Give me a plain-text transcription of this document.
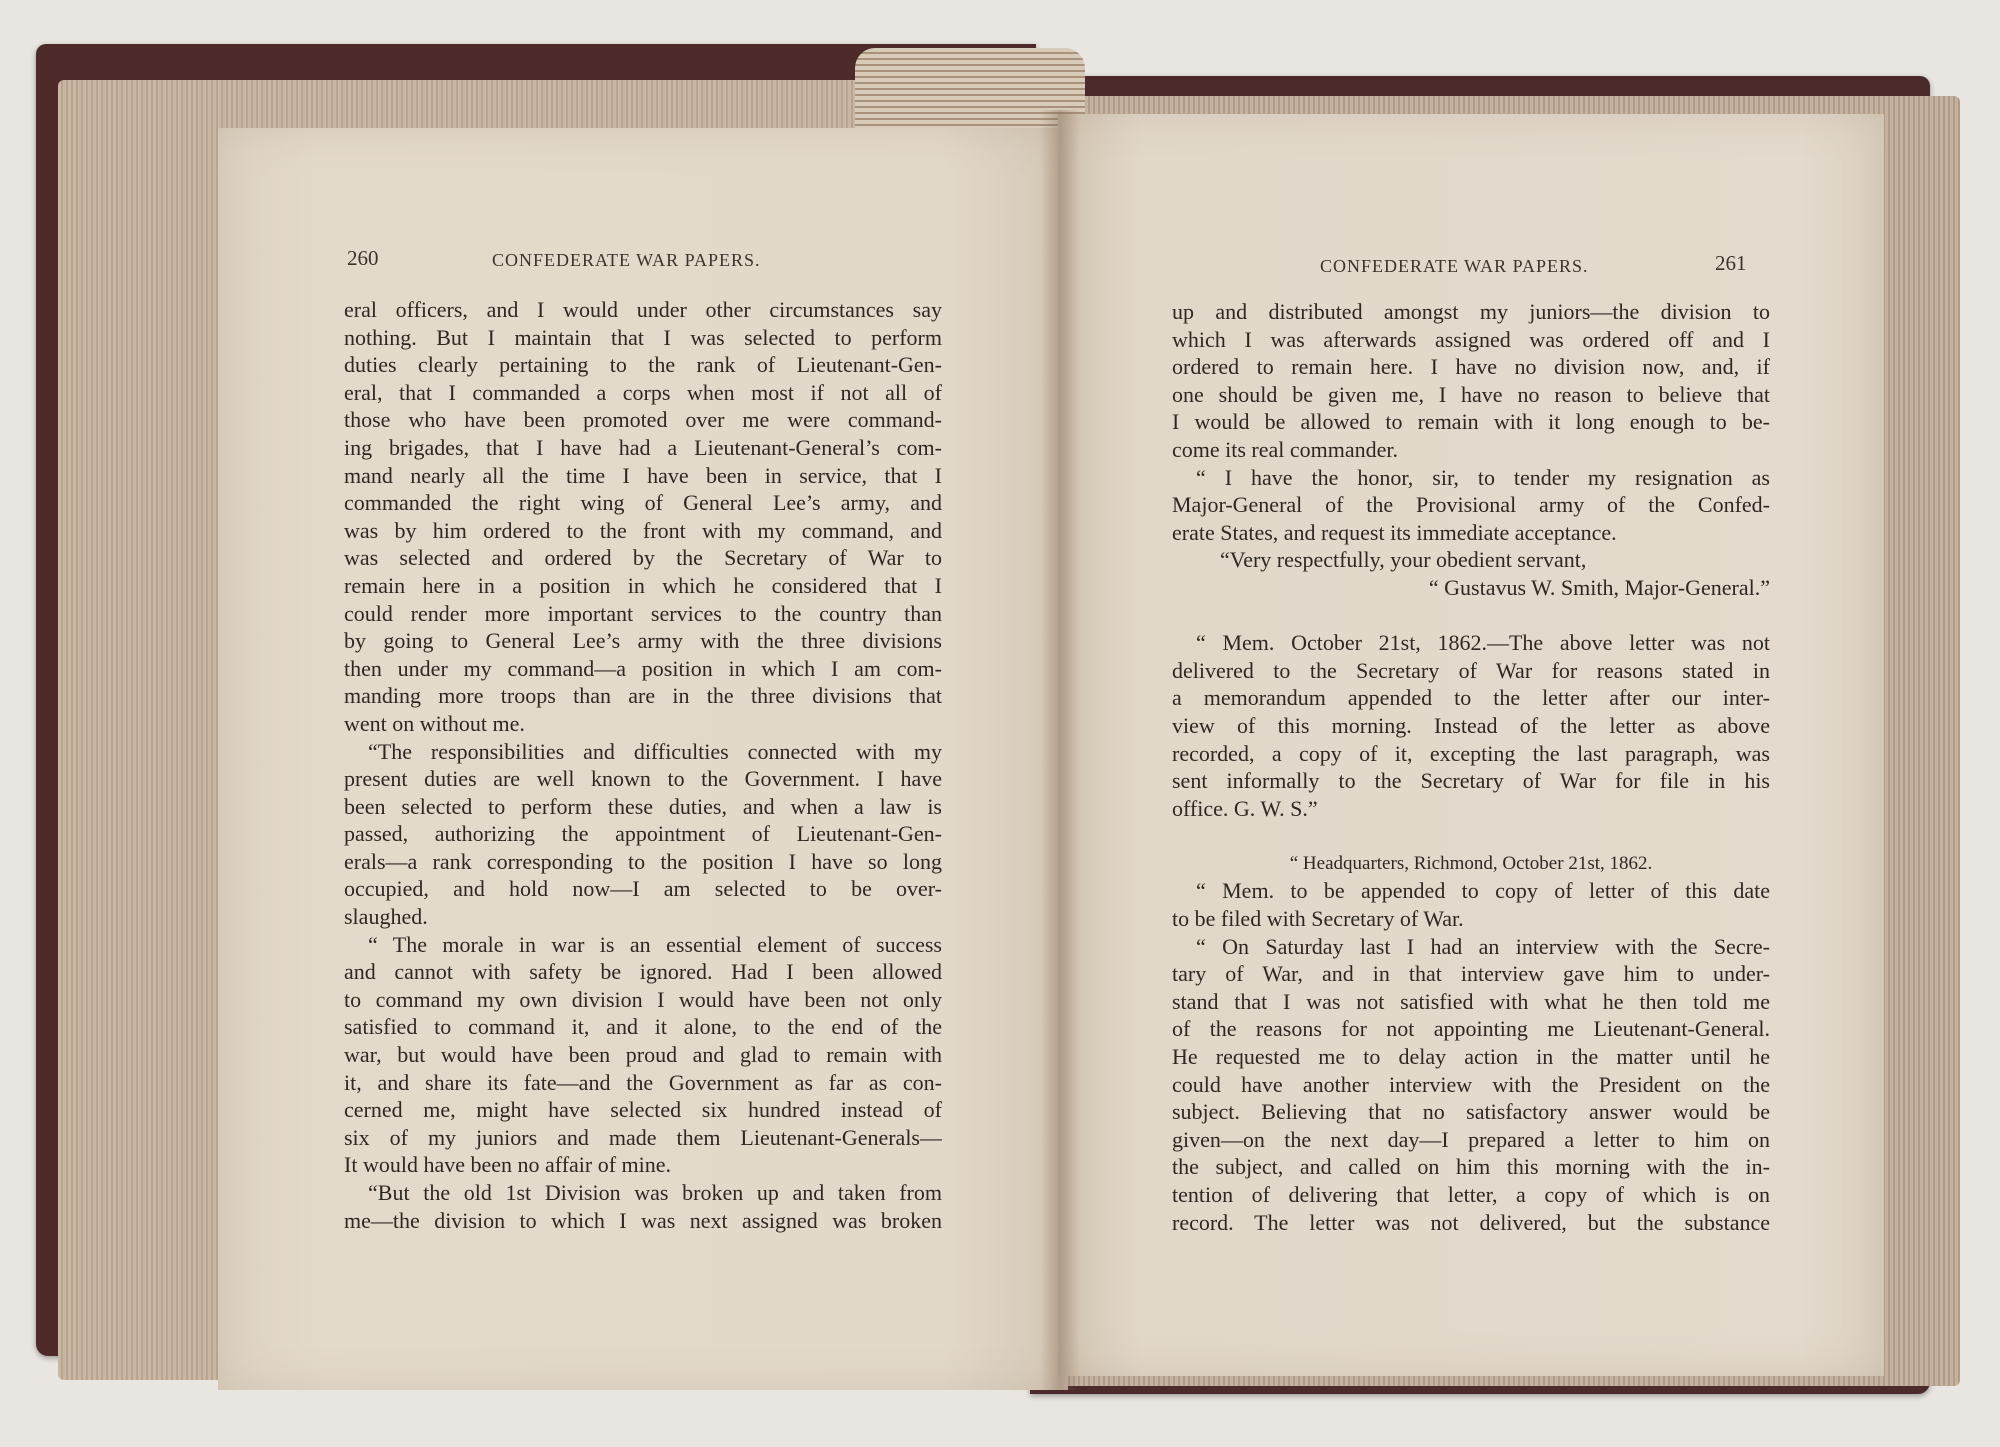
260	CONFEDERATE WAR PAPERS.
eral officers, and I would under other circumstances say
nothing. But I maintain that I was selected to perform
duties clearly pertaining to the rank of Lieutenant-Gen-
eral, that I commanded a corps when most if not all of
those who have been promoted over me were command-
ing brigades, that I have had a Lieutenant-General’s com-
mand nearly all the time I have been in service, that I
commanded the right wing of General Lee’s army, and
was by him ordered to the front with my command, and
was selected and ordered by the Secretary of War to
remain here in a position in which he considered that I
could render more important services to the country than
by going to General Lee’s army with the three divisions
then under my command—a position in which I am com-
manding more troops than are in the three divisions that
went on without me.
“The responsibilities and difficulties connected with my
present duties are well known to the Government. I have
been selected to perform these duties, and when a law is
passed, authorizing the appointment of Lieutenant-Gen-
erals—a rank corresponding to the position I have so long
occupied, and hold now—I am selected to be over-
slaughed.
“ The morale in war is an essential element of success
and cannot with safety be ignored. Had I been allowed
to command my own division I would have been not only
satisfied to command it, and it alone, to the end of the
war, but would have been proud and glad to remain with
it, and share its fate—and the Government as far as con-
cerned me, might have selected six hundred instead of
six of my juniors and made them Lieutenant-Generals—
It would have been no affair of mine.
“But the old 1st Division was broken up and taken from
me—the division to which I was next assigned was broken
CONFEDERATE WAR PAPERS.	261
up and distributed amongst my juniors—the division to
which I was afterwards assigned was ordered off and I
ordered to remain here. I have no division now, and, if
one should be given me, I have no reason to believe that
I would be allowed to remain with it long enough to be-
come its real commander.
“ I have the honor, sir, to tender my resignation as
Major-General of the Provisional army of the Confed-
erate States, and request its immediate acceptance.
“Very respectfully, your obedient servant,
“ Gustavus W. Smith, Major-General.”
“ Mem. October 21st, 1862.—The above letter was not
delivered to the Secretary of War for reasons stated in
a memorandum appended to the letter after our inter-
view of this morning. Instead of the letter as above
recorded, a copy of it, excepting the last paragraph, was
sent informally to the Secretary of War for file in his
office. G. W. S.”
“ Headquarters, Richmond, October 21st, 1862.
“ Mem. to be appended to copy of letter of this date
to be filed with Secretary of War.
“ On Saturday last I had an interview with the Secre-
tary of War, and in that interview gave him to under-
stand that I was not satisfied with what he then told me
of the reasons for not appointing me Lieutenant-General.
He requested me to delay action in the matter until he
could have another interview with the President on the
subject. Believing that no satisfactory answer would be
given—on the next day—I prepared a letter to him on
the subject, and called on him this morning with the in-
tention of delivering that letter, a copy of which is on
record. The letter was not delivered, but the substance
